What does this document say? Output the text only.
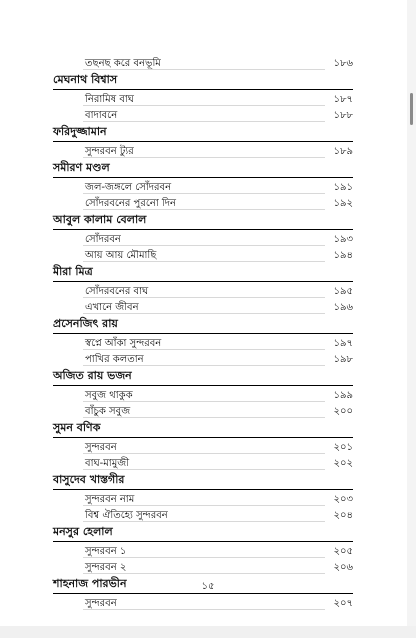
তছনছ করে বনভূমি	১৮৬
মেঘনাথ বিশ্বাস
নিরামিষ বাঘ	১৮৭
বাদাবনে	১৮৮
ফরিদুজ্জামান
সুন্দরবন ট্যুর	১৮৯
সমীরণ মণ্ডল
জল-জঙ্গলে সোঁদরবন	১৯১
সোঁদরবনের পুরনো দিন	১৯২
আবুল কালাম বেলাল
সোঁদরবন	১৯৩
আয় আয় মৌমাছি	১৯৪
মীরা মিত্র
সোঁদরবনের বাঘ	১৯৫
এখানে জীবন	১৯৬
প্রসেনজিৎ রায়
স্বপ্নে আঁকা সুন্দরবন	১৯৭
পাখির কলতান	১৯৮
অজিত রায় ভজন
সবুজ থাকুক	১৯৯
বাঁচুক সবুজ	২০০
সুমন বণিক
সুন্দরবন	২০১
বাঘ-মামুজী	২০২
বাসুদেব খাস্তগীর
সুন্দরবন নাম	২০৩
বিশ্ব ঐতিহ্যে সুন্দরবন	২০৪
মনসুর হেলাল
সুন্দরবন ১	২০৫
সুন্দরবন ২	২০৬
শাহনাজ পারভীন
সুন্দরবন	২০৭
১৫
